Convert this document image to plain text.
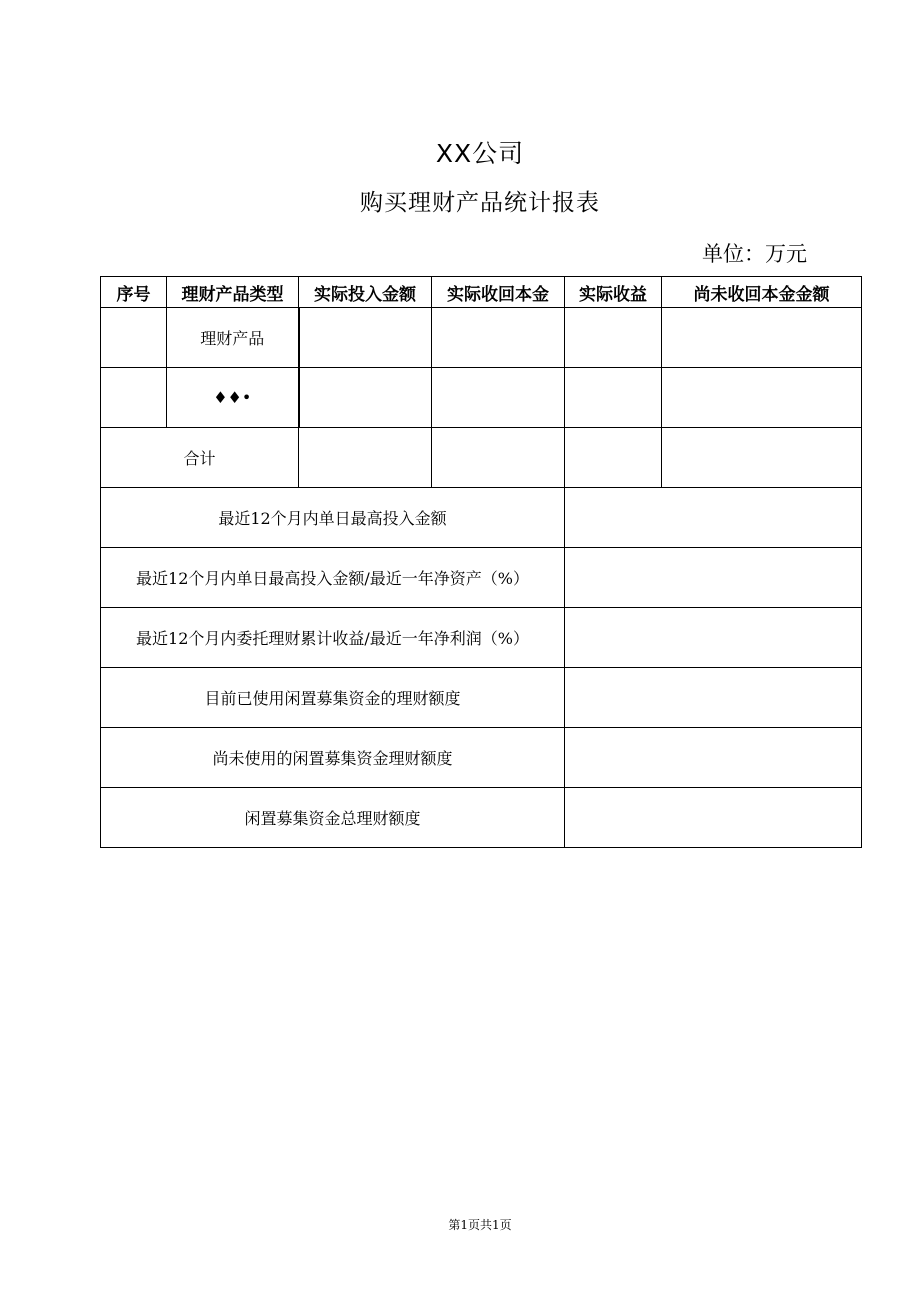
XX公司
购买理财产品统计报表
单位：万元
序号	理财产品类型	实际投入金额	实际收回本金	实际收益	尚未收回本金金额
	理财产品				
	♦♦•				
合计					
最近12个月内单日最高投入金额					
最近12个月内单日最高投入金额/最近一年净资产（%）					
最近12个月内委托理财累计收益/最近一年净利润（%）					
目前已使用闲置募集资金的理财额度					
尚未使用的闲置募集资金理财额度					
闲置募集资金总理财额度					
第1页共1页
